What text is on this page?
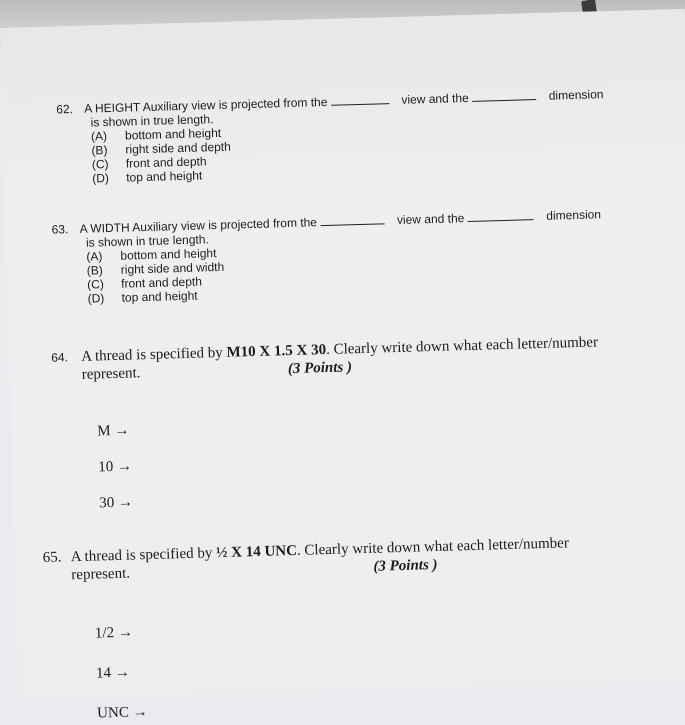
62. A HEIGHT Auxiliary view is projected from the	view and the	dimension
is shown in true length.
(A) bottom and height
(B) right side and depth
(C) front and depth
(D) top and height
63. A WIDTH Auxiliary view is projected from the	view and the	dimension
is shown in true length.
(A) bottom and height
(B) right side and width
(C) front and depth
(D) top and height
64. A thread is specified by M10 X 1.5 X 30. Clearly write down what each letter/number
represent.	(3 Points )
M →
10 →
30 →
65. A thread is specified by ½ X 14 UNC. Clearly write down what each letter/number
represent.	(3 Points )
1/2 →
14 →
UNC →
